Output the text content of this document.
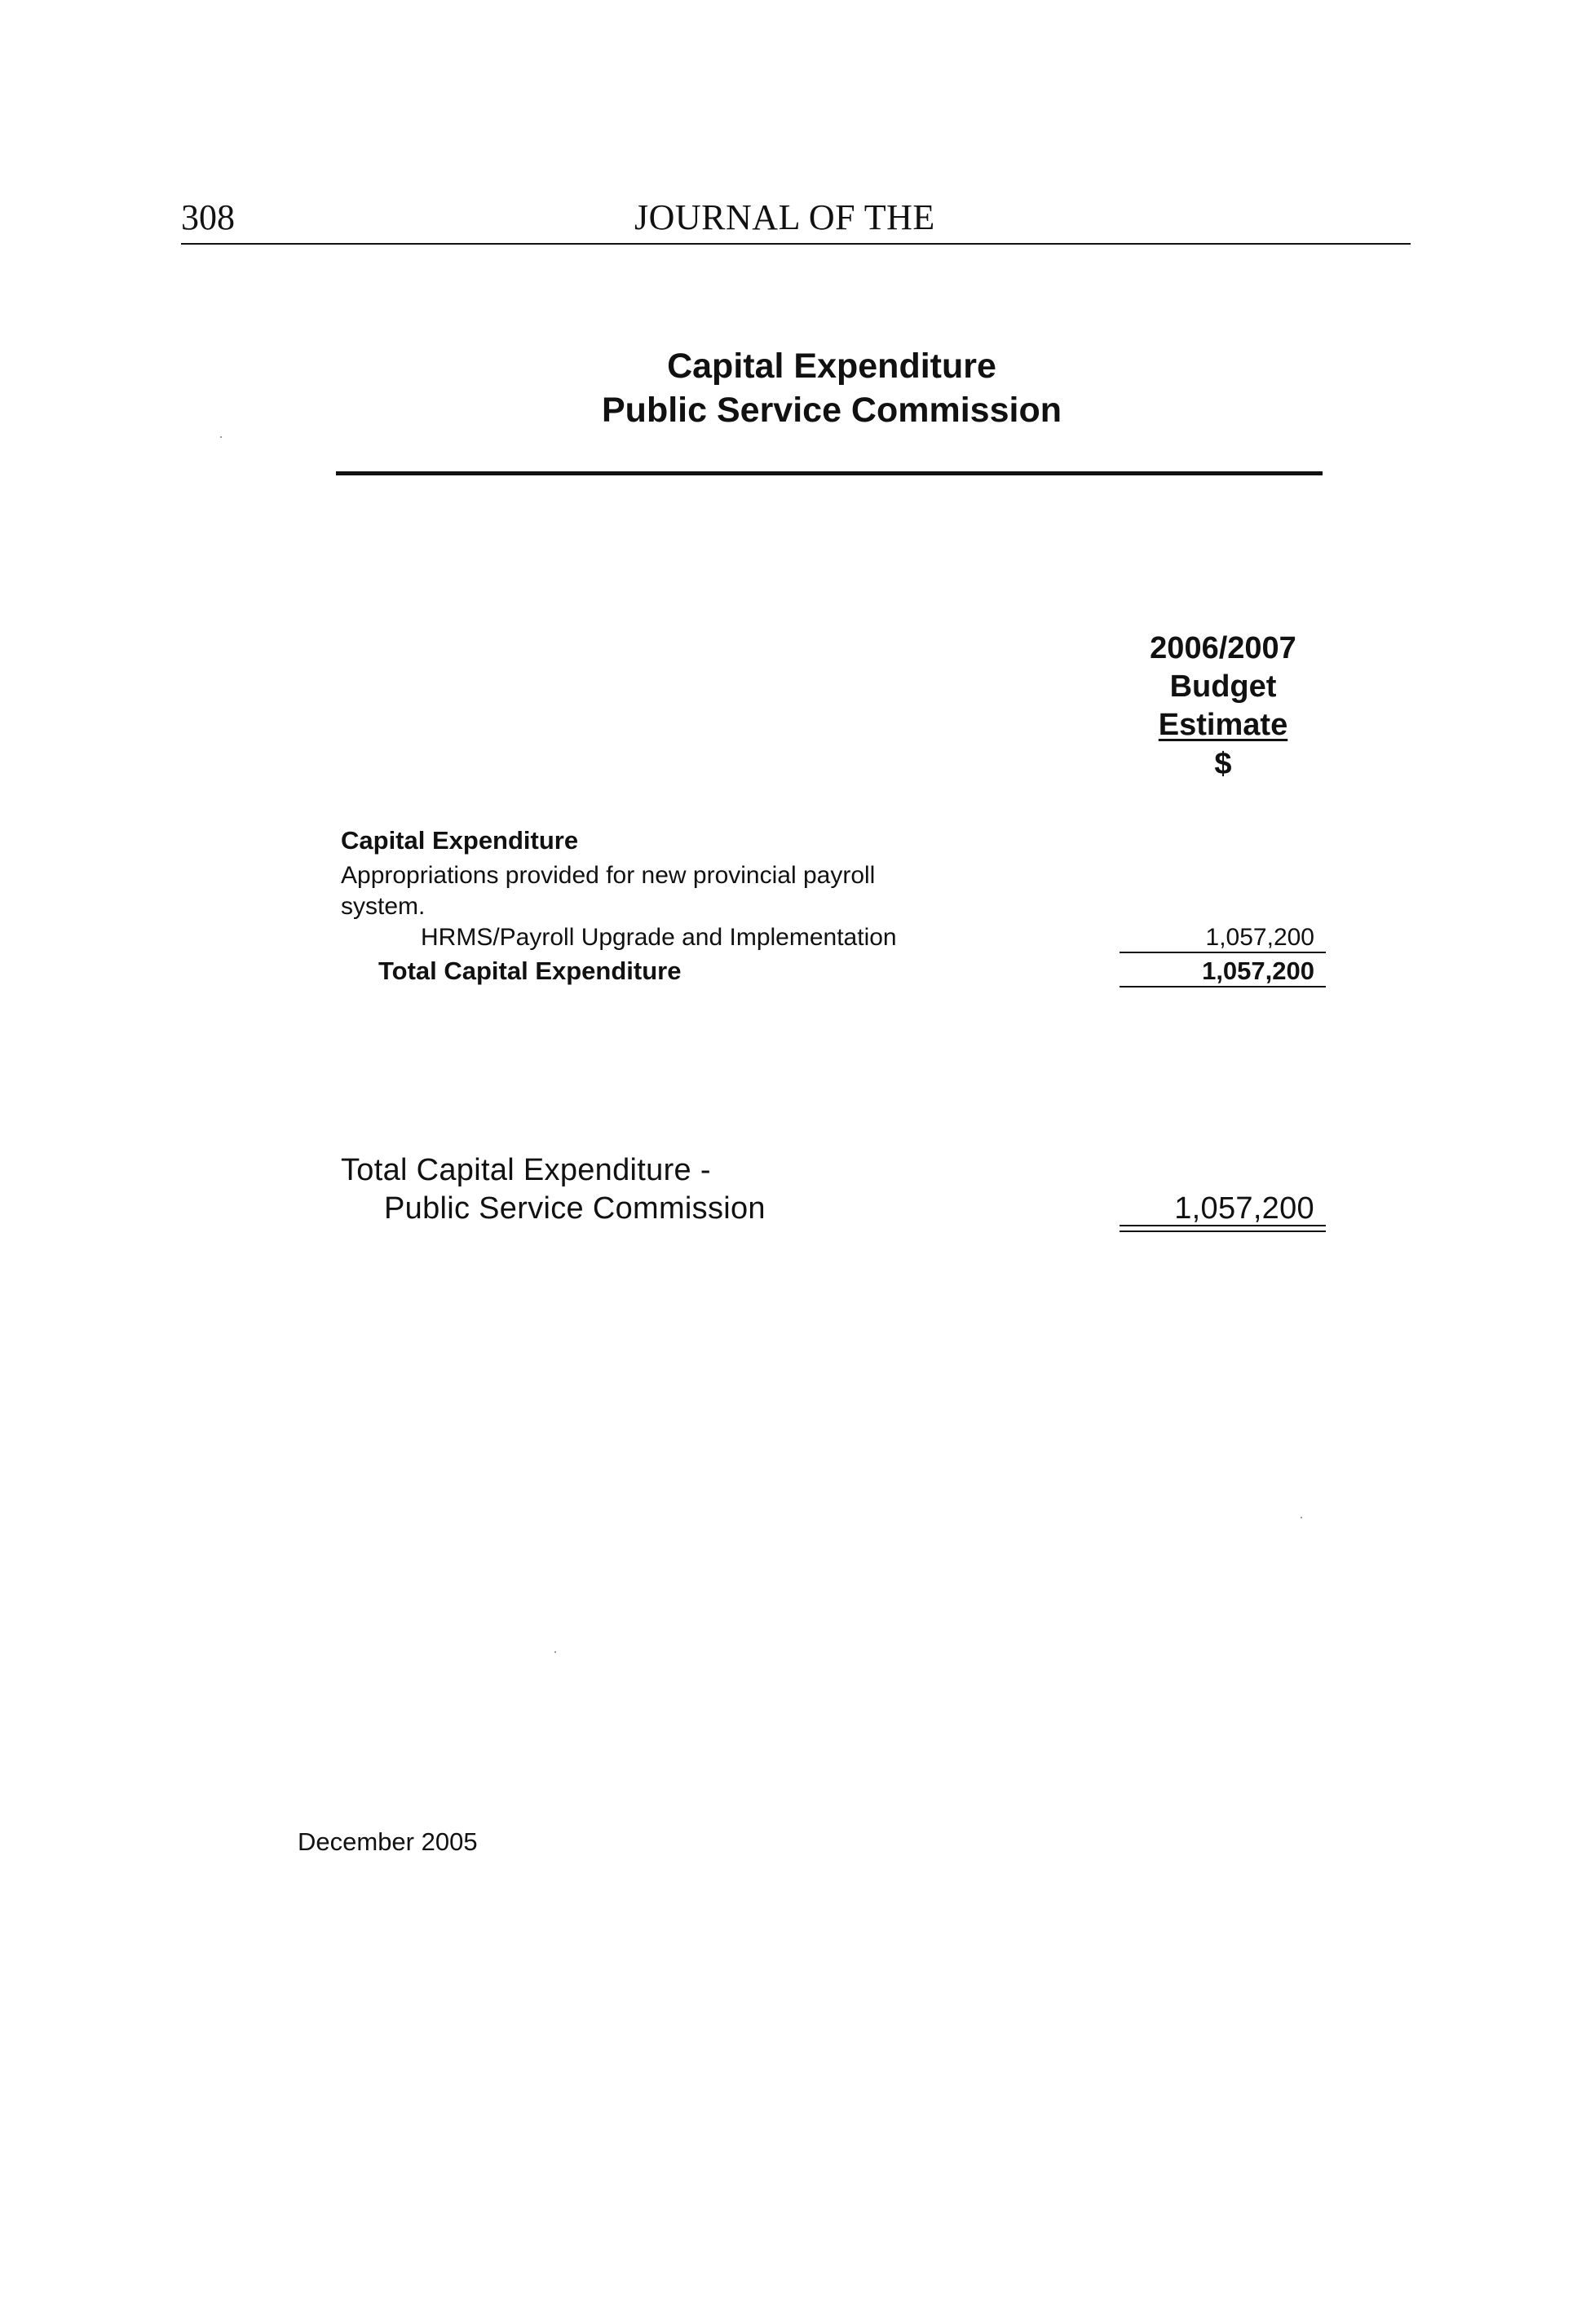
308	JOURNAL OF THE
Capital Expenditure
Public Service Commission
2006/2007
Budget
Estimate
$
Capital Expenditure
Appropriations provided for new provincial payroll system.
HRMS/Payroll Upgrade and Implementation	1,057,200
Total Capital Expenditure	1,057,200
Total Capital Expenditure -
Public Service Commission	1,057,200
December 2005
